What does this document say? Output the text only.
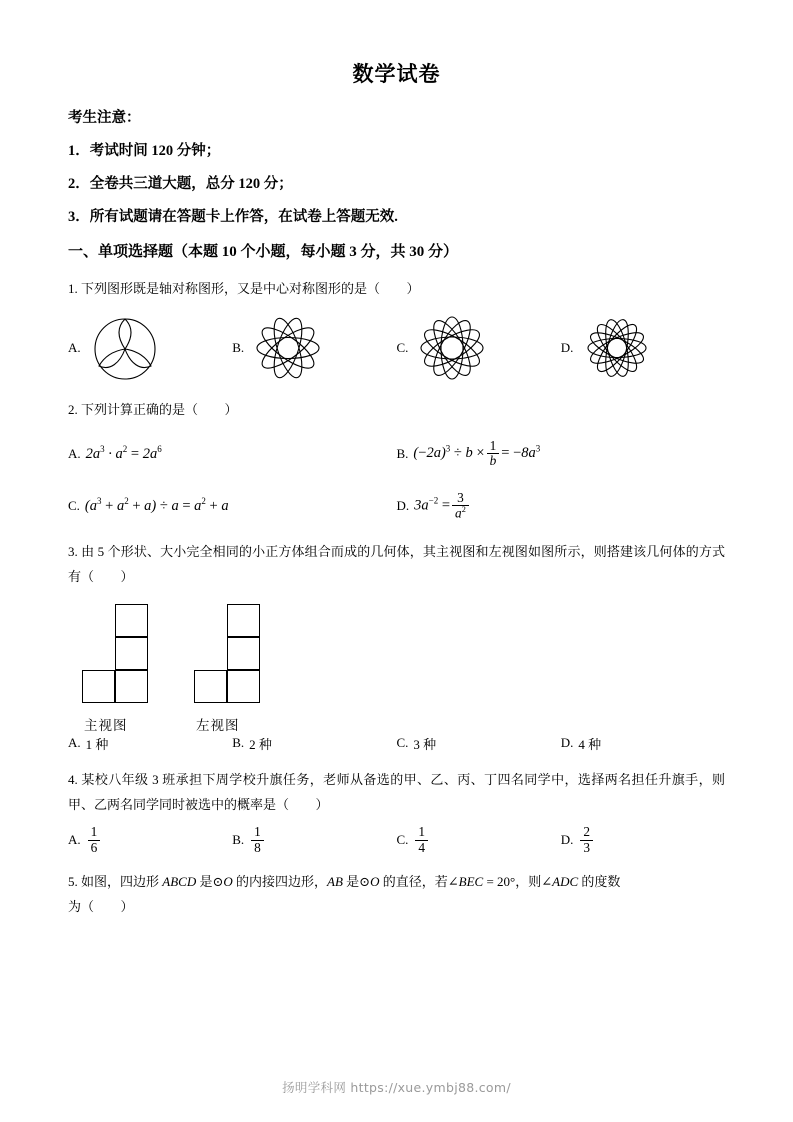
数学试卷
考生注意：
1．考试时间 120 分钟；
2．全卷共三道大题，总分 120 分；
3．所有试题请在答题卡上作答，在试卷上答题无效.
一、单项选择题（本题 10 个小题，每小题 3 分，共 30 分）
1. 下列图形既是轴对称图形，又是中心对称图形的是（ ）
A.	B.	C.	D.
2. 下列计算正确的是（ ）
A. $2a^3 \cdot a^2 = 2a^6$	B. $(-2a)^3 \div b \times \frac{1}{b} = -8a^3$
C. $(a^3 + a^2 + a) \div a = a^2 + a$	D. $3a^{-2} = \frac{3}{a^2}$
3. 由 5 个形状、大小完全相同的小正方体组合而成的几何体，其主视图和左视图如图所示，则搭建该几何体的方式有（ ）
主视图	左视图
A. 1 种	B. 2 种	C. 3 种	D. 4 种
4. 某校八年级 3 班承担下周学校升旗任务，老师从备选的甲、乙、丙、丁四名同学中，选择两名担任升旗手，则甲、乙两名同学同时被选中的概率是（ ）
A. $\frac{1}{6}$	B. $\frac{1}{8}$	C. $\frac{1}{4}$	D. $\frac{2}{3}$
5. 如图，四边形 ABCD 是⊙O 的内接四边形，AB 是⊙O 的直径，若∠BEC = 20°，则∠ADC 的度数
为（ ）
扬明学科网 https://xue.ymbj88.com/
